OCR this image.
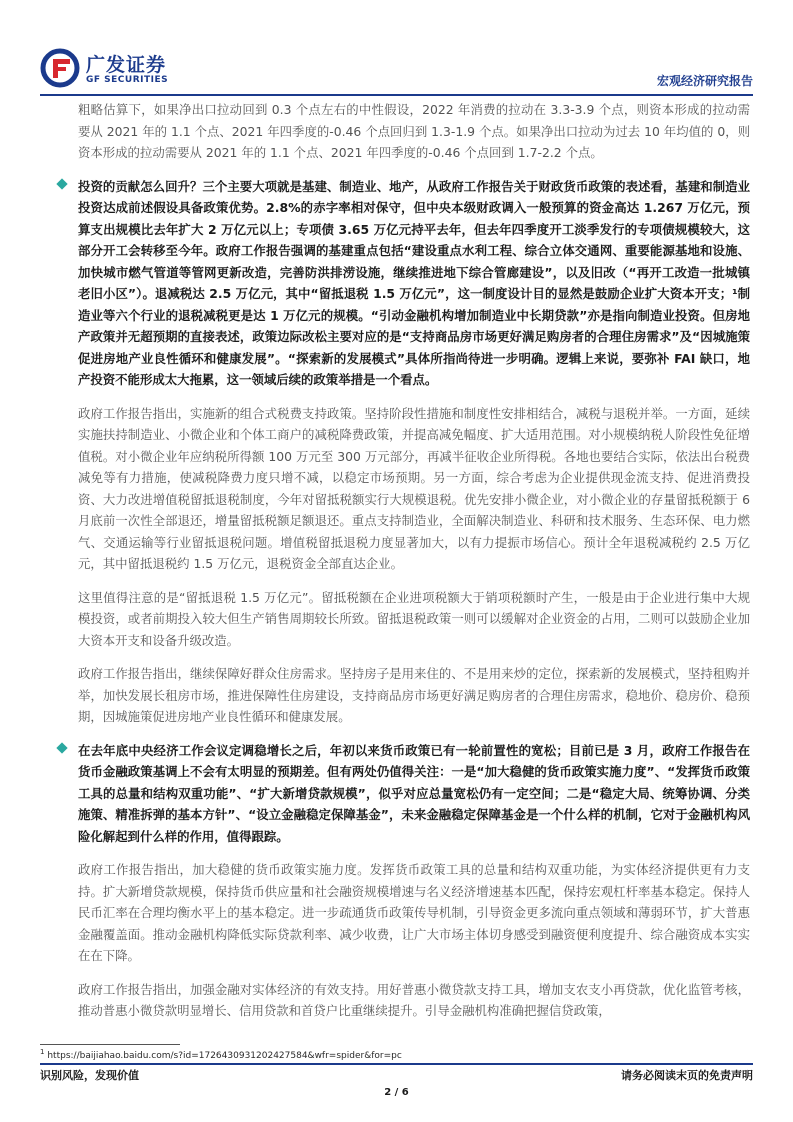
广发证券
GF SECURITIES	宏观经济研究报告

粗略估算下，如果净出口拉动回到 0.3 个点左右的中性假设，2022 年消费的拉动在 3.3-3.9 个点，则资本形成的拉动需要从 2021 年的 1.1 个点、2021 年四季度的-0.46 个点回归到 1.3-1.9 个点。如果净出口拉动为过去 10 年均值的 0，则资本形成的拉动需要从 2021 年的 1.1 个点、2021 年四季度的-0.46 个点回到 1.7-2.2 个点。

投资的贡献怎么回升？三个主要大项就是基建、制造业、地产，从政府工作报告关于财政货币政策的表述看，基建和制造业投资达成前述假设具备政策优势。2.8%的赤字率相对保守，但中央本级财政调入一般预算的资金高达 1.267 万亿元，预算支出规模比去年扩大 2 万亿元以上；专项债 3.65 万亿元持平去年，但去年四季度开工淡季发行的专项债规模较大，这部分开工会转移至今年。政府工作报告强调的基建重点包括“建设重点水利工程、综合立体交通网、重要能源基地和设施、加快城市燃气管道等管网更新改造，完善防洪排涝设施，继续推进地下综合管廊建设”，以及旧改（“再开工改造一批城镇老旧小区”）。退减税达 2.5 万亿元，其中“留抵退税 1.5 万亿元”，这一制度设计目的显然是鼓励企业扩大资本开支；¹制造业等六个行业的退税减税更是达 1 万亿元的规模。“引动金融机构增加制造业中长期贷款”亦是指向制造业投资。但房地产政策并无超预期的直接表述，政策边际改松主要对应的是“支持商品房市场更好满足购房者的合理住房需求”及“因城施策促进房地产业良性循环和健康发展”。“探索新的发展模式”具体所指尚待进一步明确。逻辑上来说，要弥补 FAI 缺口，地产投资不能形成太大拖累，这一领域后续的政策举措是一个看点。

政府工作报告指出，实施新的组合式税费支持政策。坚持阶段性措施和制度性安排相结合，减税与退税并举。一方面，延续实施扶持制造业、小微企业和个体工商户的减税降费政策，并提高减免幅度、扩大适用范围。对小规模纳税人阶段性免征增值税。对小微企业年应纳税所得额 100 万元至 300 万元部分，再减半征收企业所得税。各地也要结合实际，依法出台税费减免等有力措施，使减税降费力度只增不减，以稳定市场预期。另一方面，综合考虑为企业提供现金流支持、促进消费投资、大力改进增值税留抵退税制度，今年对留抵税额实行大规模退税。优先安排小微企业，对小微企业的存量留抵税额于 6 月底前一次性全部退还，增量留抵税额足额退还。重点支持制造业，全面解决制造业、科研和技术服务、生态环保、电力燃气、交通运输等行业留抵退税问题。增值税留抵退税力度显著加大，以有力提振市场信心。预计全年退税减税约 2.5 万亿元，其中留抵退税约 1.5 万亿元，退税资金全部直达企业。

这里值得注意的是“留抵退税 1.5 万亿元”。留抵税额在企业进项税额大于销项税额时产生，一般是由于企业进行集中大规模投资，或者前期投入较大但生产销售周期较长所致。留抵退税政策一则可以缓解对企业资金的占用，二则可以鼓励企业加大资本开支和设备升级改造。

政府工作报告指出，继续保障好群众住房需求。坚持房子是用来住的、不是用来炒的定位，探索新的发展模式，坚持租购并举，加快发展长租房市场，推进保障性住房建设，支持商品房市场更好满足购房者的合理住房需求，稳地价、稳房价、稳预期，因城施策促进房地产业良性循环和健康发展。

在去年底中央经济工作会议定调稳增长之后，年初以来货币政策已有一轮前置性的宽松；目前已是 3 月，政府工作报告在货币金融政策基调上不会有太明显的预期差。但有两处仍值得关注：一是“加大稳健的货币政策实施力度”、“发挥货币政策工具的总量和结构双重功能”、“扩大新增贷款规模”，似乎对应总量宽松仍有一定空间；二是“稳定大局、统筹协调、分类施策、精准拆弹的基本方针”、“设立金融稳定保障基金”，未来金融稳定保障基金是一个什么样的机制，它对于金融机构风险化解起到什么样的作用，值得跟踪。

政府工作报告指出，加大稳健的货币政策实施力度。发挥货币政策工具的总量和结构双重功能，为实体经济提供更有力支持。扩大新增贷款规模，保持货币供应量和社会融资规模增速与名义经济增速基本匹配，保持宏观杠杆率基本稳定。保持人民币汇率在合理均衡水平上的基本稳定。进一步疏通货币政策传导机制，引导资金更多流向重点领域和薄弱环节，扩大普惠金融覆盖面。推动金融机构降低实际贷款利率、减少收费，让广大市场主体切身感受到融资便利度提升、综合融资成本实实在在下降。

政府工作报告指出，加强金融对实体经济的有效支持。用好普惠小微贷款支持工具，增加支农支小再贷款，优化监管考核，推动普惠小微贷款明显增长、信用贷款和首贷户比重继续提升。引导金融机构准确把握信贷政策，

$^1$ https://baijiahao.baidu.com/s?id=1726430931202427584&wfr=spider&for=pc
识别风险，发现价值	请务必阅读末页的免责声明
2 / 6
